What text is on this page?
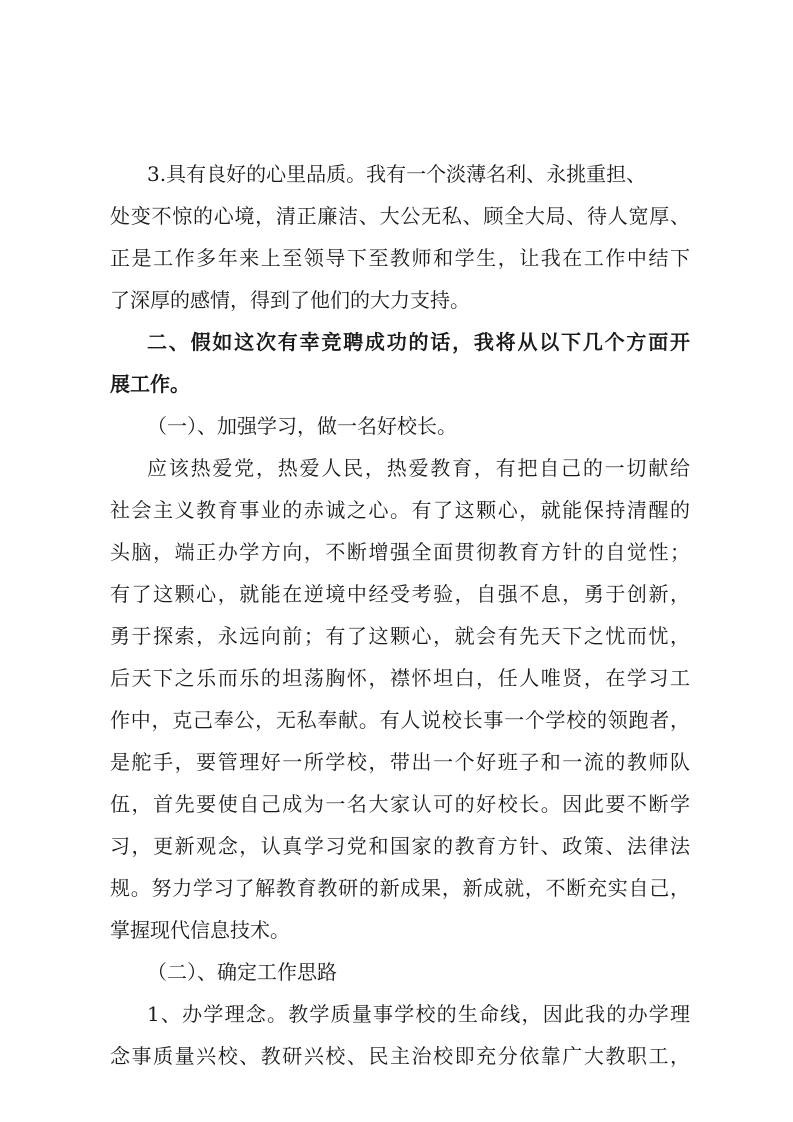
3.具有良好的心里品质。我有一个淡薄名利、永挑重担、
处变不惊的心境，清正廉洁、大公无私、顾全大局、待人宽厚、
正是工作多年来上至领导下至教师和学生，让我在工作中结下
了深厚的感情，得到了他们的大力支持。
二、假如这次有幸竞聘成功的话，我将从以下几个方面开
展工作。
（一）、加强学习，做一名好校长。
应该热爱党，热爱人民，热爱教育，有把自己的一切献给
社会主义教育事业的赤诚之心。有了这颗心，就能保持清醒的
头脑，端正办学方向，不断增强全面贯彻教育方针的自觉性；
有了这颗心，就能在逆境中经受考验，自强不息，勇于创新，
勇于探索，永远向前；有了这颗心，就会有先天下之忧而忧，
后天下之乐而乐的坦荡胸怀，襟怀坦白，任人唯贤，在学习工
作中，克己奉公，无私奉献。有人说校长事一个学校的领跑者，
是舵手，要管理好一所学校，带出一个好班子和一流的教师队
伍，首先要使自己成为一名大家认可的好校长。因此要不断学
习，更新观念，认真学习党和国家的教育方针、政策、法律法
规。努力学习了解教育教研的新成果，新成就，不断充实自己，
掌握现代信息技术。
（二）、确定工作思路
1、办学理念。教学质量事学校的生命线，因此我的办学理
念事质量兴校、教研兴校、民主治校即充分依靠广大教职工，
